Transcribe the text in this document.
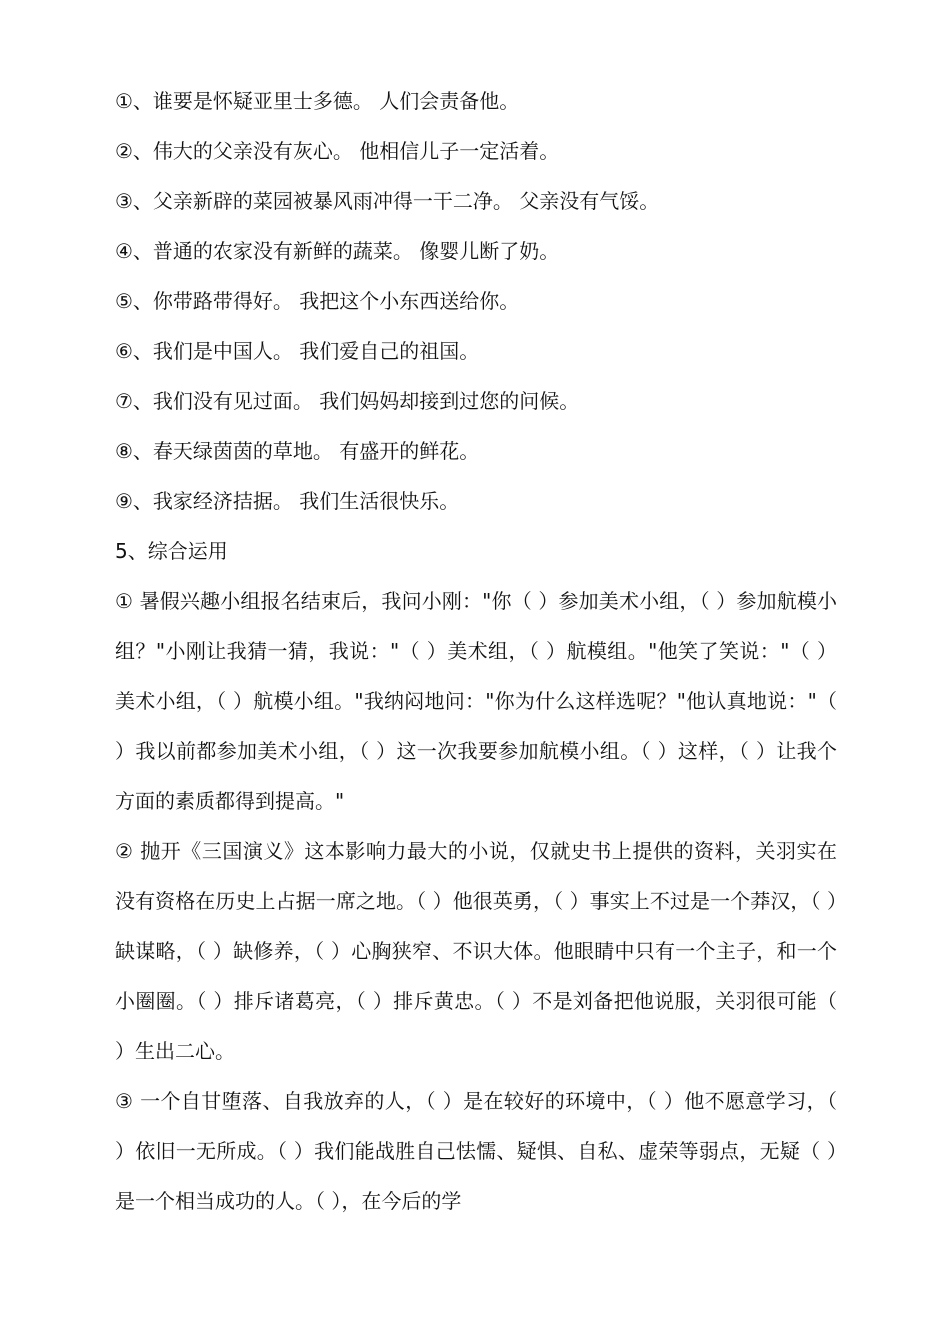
①、谁要是怀疑亚里士多德。 人们会责备他。
②、伟大的父亲没有灰心。 他相信儿子一定活着。
③、父亲新辟的菜园被暴风雨冲得一干二净。 父亲没有气馁。
④、普通的农家没有新鲜的蔬菜。 像婴儿断了奶。
⑤、你带路带得好。 我把这个小东西送给你。
⑥、我们是中国人。 我们爱自己的祖国。
⑦、我们没有见过面。 我们妈妈却接到过您的问候。
⑧、春天绿茵茵的草地。 有盛开的鲜花。
⑨、我家经济拮据。 我们生活很快乐。
5、综合运用

① 暑假兴趣小组报名结束后，我问小刚："你（ ）参加美术小组，（ ）参加航模小组？"小刚让我猜一猜，我说："（ ）美术组，（ ）航模组。"他笑了笑说："（ ）美术小组，（ ）航模小组。"我纳闷地问："你为什么这样选呢？"他认真地说："（ ）我以前都参加美术小组，（ ）这一次我要参加航模小组。（ ）这样，（ ）让我个方面的素质都得到提高。"

② 抛开《三国演义》这本影响力最大的小说，仅就史书上提供的资料，关羽实在没有资格在历史上占据一席之地。（ ）他很英勇，（ ）事实上不过是一个莽汉，（ ）缺谋略，（ ）缺修养，（ ）心胸狭窄、不识大体。他眼睛中只有一个主子，和一个小圈圈。（ ）排斥诸葛亮，（ ）排斥黄忠。（ ）不是刘备把他说服，关羽很可能（ ）生出二心。

③ 一个自甘堕落、自我放弃的人，（ ）是在较好的环境中，（ ）他不愿意学习，（ ）依旧一无所成。（ ）我们能战胜自己怯懦、疑惧、自私、虚荣等弱点，无疑（ ）是一个相当成功的人。（ ），在今后的学
